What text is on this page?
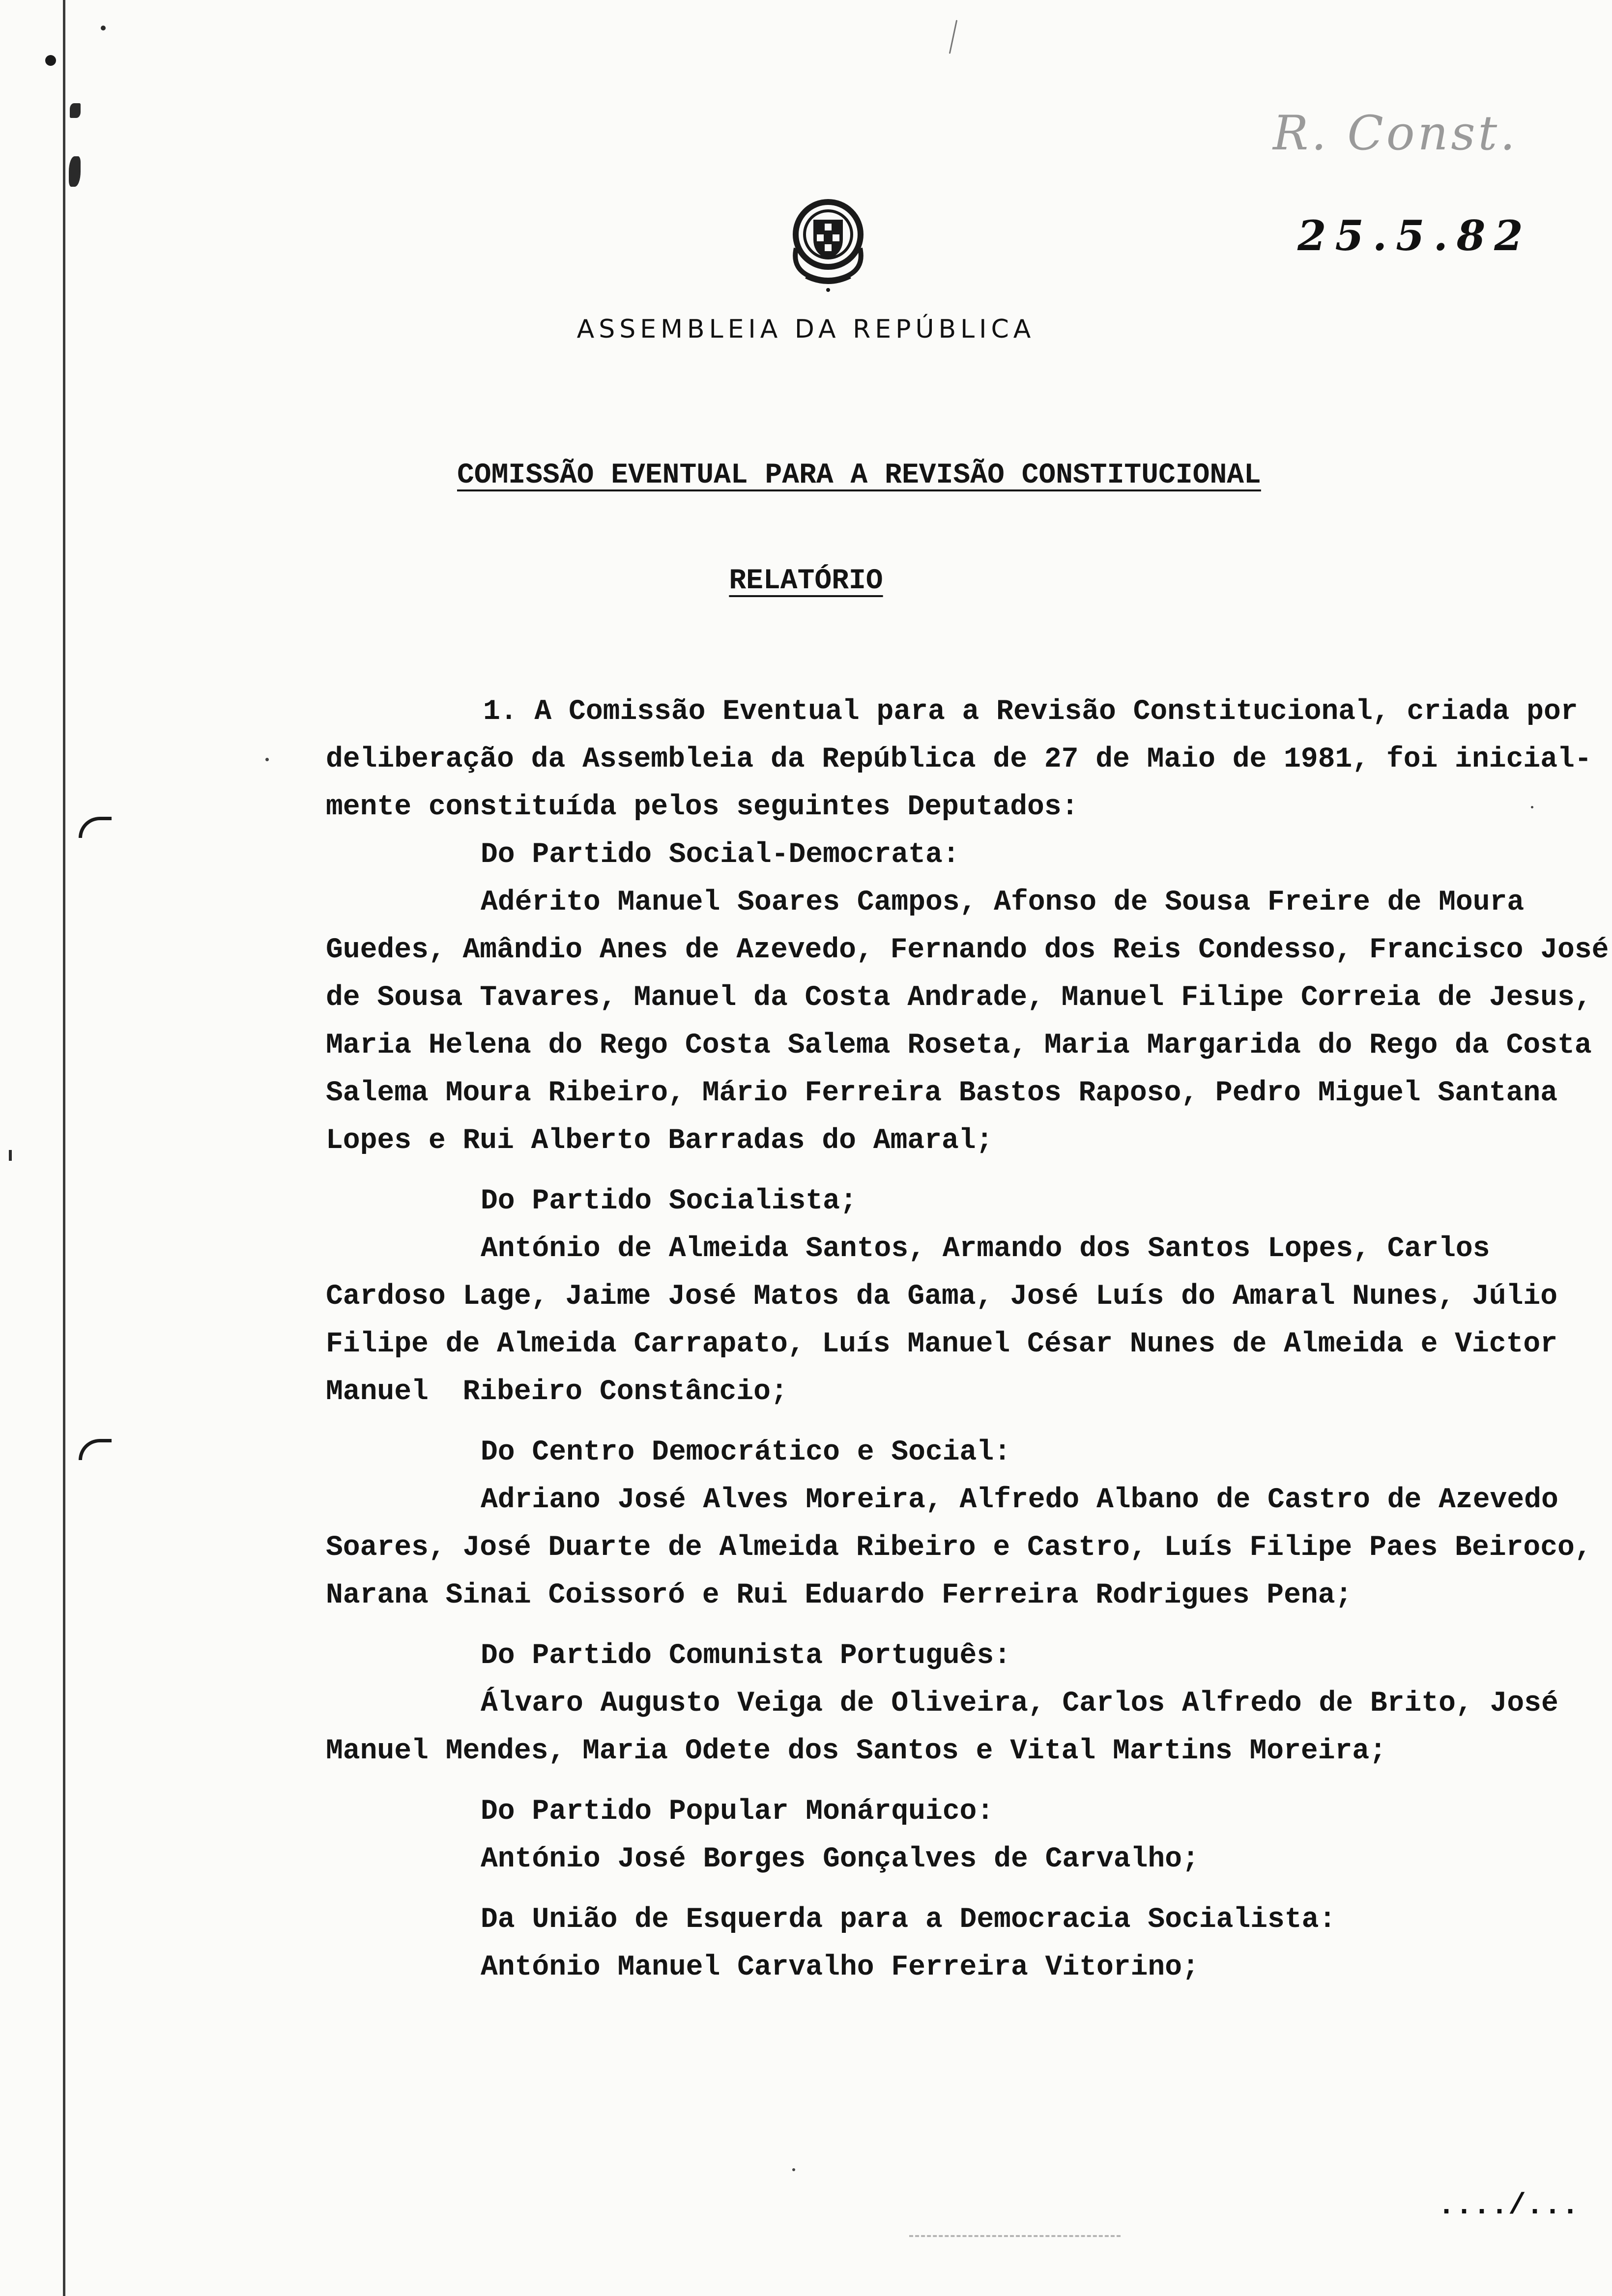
ASSEMBLEIA DA REPÚBLICA
R. Const.
25.5.82
COMISSÃO EVENTUAL PARA A REVISÃO CONSTITUCIONAL
RELATÓRIO
1. A Comissão Eventual para a Revisão Constitucional, criada por
deliberação da Assembleia da República de 27 de Maio de 1981, foi inicial-
mente constituída pelos seguintes Deputados:
Do Partido Social-Democrata:
Adérito Manuel Soares Campos, Afonso de Sousa Freire de Moura
Guedes, Amândio Anes de Azevedo, Fernando dos Reis Condesso, Francisco José
de Sousa Tavares, Manuel da Costa Andrade, Manuel Filipe Correia de Jesus,
Maria Helena do Rego Costa Salema Roseta, Maria Margarida do Rego da Costa
Salema Moura Ribeiro, Mário Ferreira Bastos Raposo, Pedro Miguel Santana
Lopes e Rui Alberto Barradas do Amaral;
Do Partido Socialista;
António de Almeida Santos, Armando dos Santos Lopes, Carlos
Cardoso Lage, Jaime José Matos da Gama, José Luís do Amaral Nunes, Júlio
Filipe de Almeida Carrapato, Luís Manuel César Nunes de Almeida e Victor
Manuel  Ribeiro Constâncio;
Do Centro Democrático e Social:
Adriano José Alves Moreira, Alfredo Albano de Castro de Azevedo
Soares, José Duarte de Almeida Ribeiro e Castro, Luís Filipe Paes Beiroco,
Narana Sinai Coissoró e Rui Eduardo Ferreira Rodrigues Pena;
Do Partido Comunista Português:
Álvaro Augusto Veiga de Oliveira, Carlos Alfredo de Brito, José
Manuel Mendes, Maria Odete dos Santos e Vital Martins Moreira;
Do Partido Popular Monárquico:
António José Borges Gonçalves de Carvalho;
Da União de Esquerda para a Democracia Socialista:
António Manuel Carvalho Ferreira Vitorino;
..../...
